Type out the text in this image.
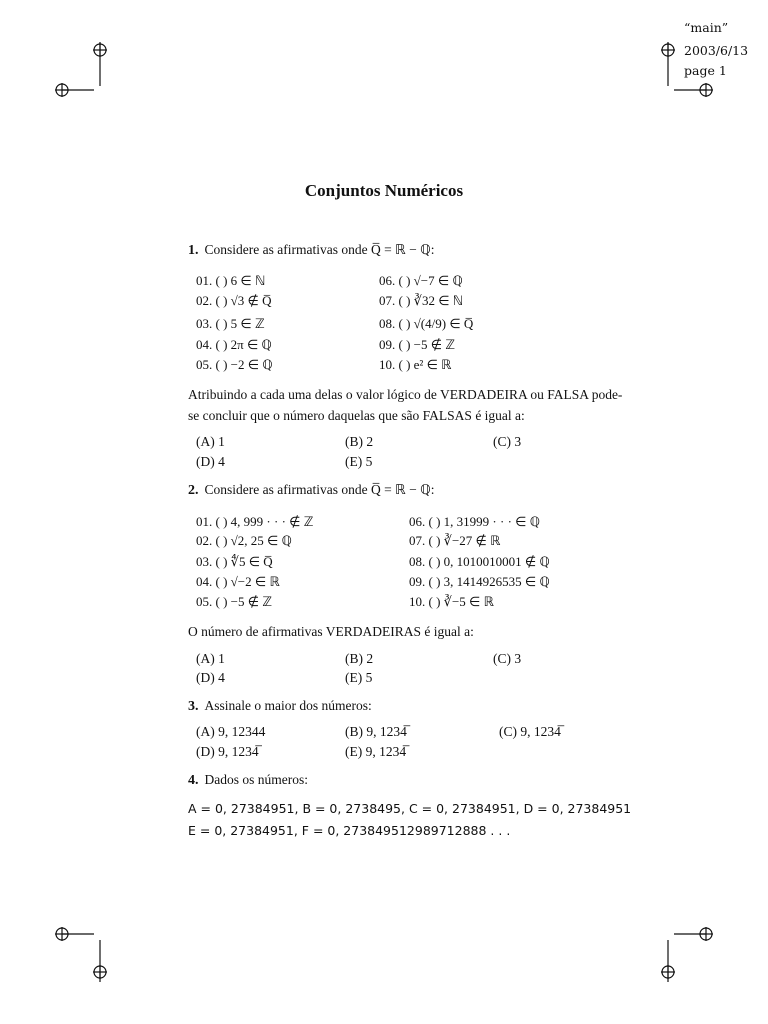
“main”
2003/6/13
page 1
Conjuntos Numéricos
1. Considere as afirmativas onde Q̅ = ℝ − ℚ:
01. ( ) 6 ∈ ℕ
02. ( ) √3 ∉ Q̅
03. ( ) 5 ∈ ℤ
04. ( ) 2π ∈ ℚ
05. ( ) −2 ∈ ℚ
06. ( ) √−7 ∈ ℚ
07. ( ) ∛32 ∈ ℕ
08. ( ) √(4/9) ∈ Q̅
09. ( ) −5 ∉ ℤ
10. ( ) e² ∈ ℝ
Atribuindo a cada uma delas o valor lógico de VERDADEIRA ou FALSA pode-
se concluir que o número daquelas que são FALSAS é igual a:
(A) 1	(B) 2	(C) 3
(D) 4	(E) 5
2. Considere as afirmativas onde Q̅ = ℝ − ℚ:
01. ( ) 4, 999 · · · ∉ ℤ
02. ( ) √2, 25 ∈ ℚ
03. ( ) ∜5 ∈ Q̅
04. ( ) √−2 ∈ ℝ
05. ( ) −5 ∉ ℤ
06. ( ) 1, 31999 · · · ∈ ℚ
07. ( ) ∛−27 ∉ ℝ
08. ( ) 0, 1010010001 ∉ ℚ
09. ( ) 3, 1414926535 ∈ ℚ
10. ( ) ∛−5 ∈ ℝ
O número de afirmativas VERDADEIRAS é igual a:
(A) 1	(B) 2	(C) 3
(D) 4	(E) 5
3. Assinale o maior dos números:
(A) 9, 12344	(B) 9, 1234̅	(C) 9, 1234̅
(D) 9, 1234̅	(E) 9, 1234̅
4. Dados os números:
A = 0, 27384951, B = 0, 2738495, C = 0, 27384951, D = 0, 27384951
E = 0, 27384951, F = 0, 273849512989712888 . . .
